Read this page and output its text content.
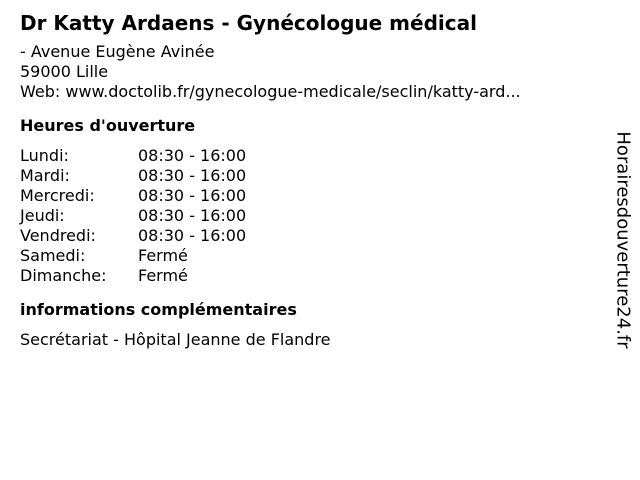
Dr Katty Ardaens - Gynécologue médical
- Avenue Eugène Avinée
59000 Lille
Web: www.doctolib.fr/gynecologue-medicale/seclin/katty-ard...
Heures d'ouverture
Lundi:	08:30 - 16:00
Mardi:	08:30 - 16:00
Mercredi:	08:30 - 16:00
Jeudi:	08:30 - 16:00
Vendredi:	08:30 - 16:00
Samedi:	Fermé
Dimanche:	Fermé
informations complémentaires
Secrétariat - Hôpital Jeanne de Flandre	Horairesdouverture24.fr
